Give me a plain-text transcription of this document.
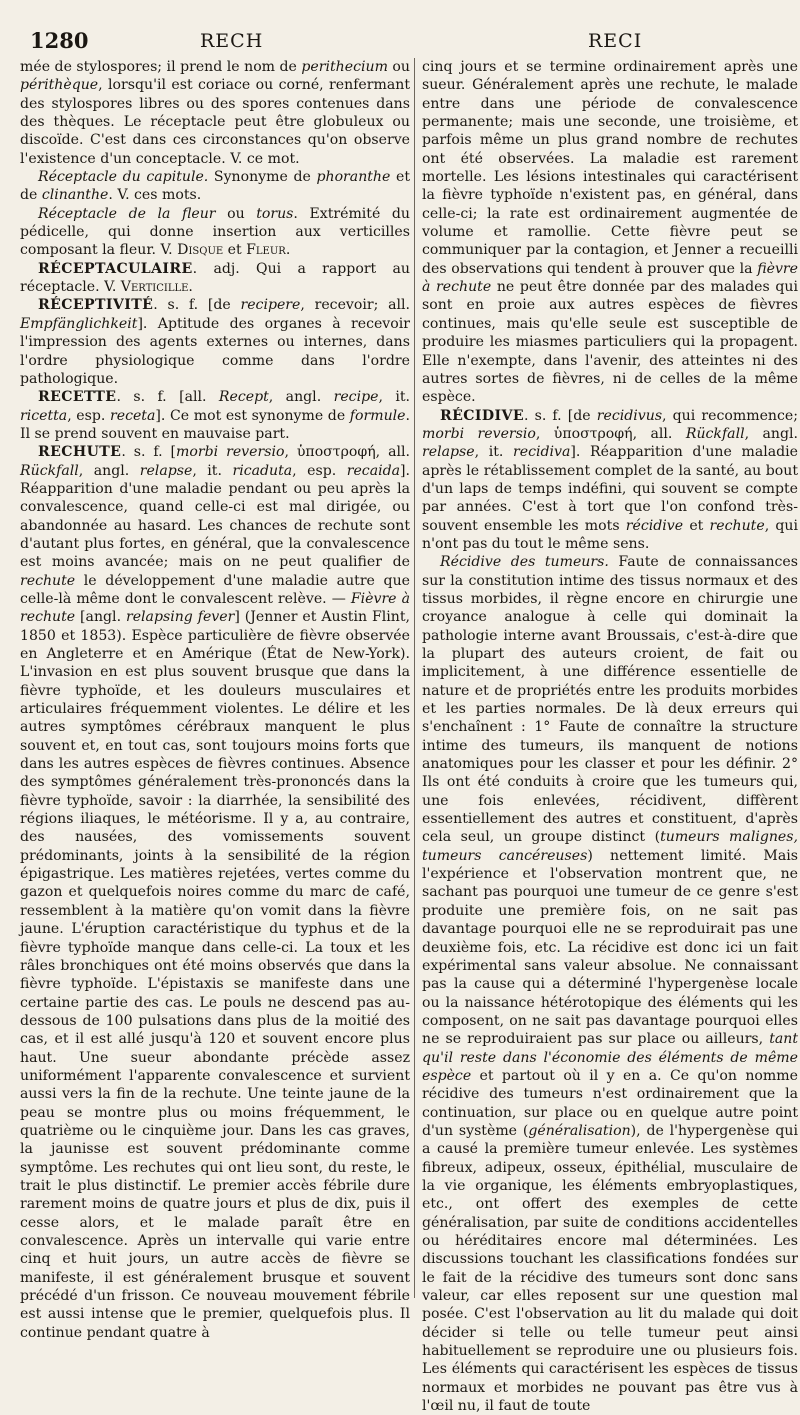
1280	RECH	RECI

mée de stylospores; il prend le nom de perithecium ou périthèque, lorsqu'il est coriace ou corné, renfermant des stylospores libres ou des spores contenues dans des thèques. Le réceptacle peut être globuleux ou discoïde. C'est dans ces circonstances qu'on observe l'existence d'un conceptacle. V. ce mot.

Réceptacle du capitule. Synonyme de phoranthe et de clinanthe. V. ces mots.

Réceptacle de la fleur ou torus. Extrémité du pédicelle, qui donne insertion aux verticilles composant la fleur. V. Disque et Fleur.

RÉCEPTACULAIRE. adj. Qui a rapport au réceptacle. V. Verticille.

RÉCEPTIVITÉ. s. f. [de recipere, recevoir; all. Empfänglichkeit]. Aptitude des organes à recevoir l'impression des agents externes ou internes, dans l'ordre physiologique comme dans l'ordre pathologique.

RECETTE. s. f. [all. Recept, angl. recipe, it. ricetta, esp. receta]. Ce mot est synonyme de formule. Il se prend souvent en mauvaise part.

RECHUTE. s. f. [morbi reversio, ὑποστροφή, all. Rückfall, angl. relapse, it. ricaduta, esp. recaida]. Réapparition d'une maladie pendant ou peu après la convalescence, quand celle-ci est mal dirigée, ou abandonnée au hasard. Les chances de rechute sont d'autant plus fortes, en général, que la convalescence est moins avancée; mais on ne peut qualifier de rechute le développement d'une maladie autre que celle-là même dont le convalescent relève. — Fièvre à rechute [angl. relapsing fever] (Jenner et Austin Flint, 1850 et 1853). Espèce particulière de fièvre observée en Angleterre et en Amérique (État de New-York). L'invasion en est plus souvent brusque que dans la fièvre typhoïde, et les douleurs musculaires et articulaires fréquemment violentes. Le délire et les autres symptômes cérébraux manquent le plus souvent et, en tout cas, sont toujours moins forts que dans les autres espèces de fièvres continues. Absence des symptômes généralement très-prononcés dans la fièvre typhoïde, savoir : la diarrhée, la sensibilité des régions iliaques, le météorisme. Il y a, au contraire, des nausées, des vomissements souvent prédominants, joints à la sensibilité de la région épigastrique. Les matières rejetées, vertes comme du gazon et quelquefois noires comme du marc de café, ressemblent à la matière qu'on vomit dans la fièvre jaune. L'éruption caractéristique du typhus et de la fièvre typhoïde manque dans celle-ci. La toux et les râles bronchiques ont été moins observés que dans la fièvre typhoïde. L'épistaxis se manifeste dans une certaine partie des cas. Le pouls ne descend pas au-dessous de 100 pulsations dans plus de la moitié des cas, et il est allé jusqu'à 120 et souvent encore plus haut. Une sueur abondante précède assez uniformément l'apparente convalescence et survient aussi vers la fin de la rechute. Une teinte jaune de la peau se montre plus ou moins fréquemment, le quatrième ou le cinquième jour. Dans les cas graves, la jaunisse est souvent prédominante comme symptôme. Les rechutes qui ont lieu sont, du reste, le trait le plus distinctif. Le premier accès fébrile dure rarement moins de quatre jours et plus de dix, puis il cesse alors, et le malade paraît être en convalescence. Après un intervalle qui varie entre cinq et huit jours, un autre accès de fièvre se manifeste, il est généralement brusque et souvent précédé d'un frisson. Ce nouveau mouvement fébrile est aussi intense que le premier, quelquefois plus. Il continue pendant quatre à

cinq jours et se termine ordinairement après une sueur. Généralement après une rechute, le malade entre dans une période de convalescence permanente; mais une seconde, une troisième, et parfois même un plus grand nombre de rechutes ont été observées. La maladie est rarement mortelle. Les lésions intestinales qui caractérisent la fièvre typhoïde n'existent pas, en général, dans celle-ci; la rate est ordinairement augmentée de volume et ramollie. Cette fièvre peut se communiquer par la contagion, et Jenner a recueilli des observations qui tendent à prouver que la fièvre à rechute ne peut être donnée par des malades qui sont en proie aux autres espèces de fièvres continues, mais qu'elle seule est susceptible de produire les miasmes particuliers qui la propagent. Elle n'exempte, dans l'avenir, des atteintes ni des autres sortes de fièvres, ni de celles de la même espèce.

RÉCIDIVE. s. f. [de recidivus, qui recommence; morbi reversio, ὑποστροφή, all. Rückfall, angl. relapse, it. recidiva]. Réapparition d'une maladie après le rétablissement complet de la santé, au bout d'un laps de temps indéfini, qui souvent se compte par années. C'est à tort que l'on confond très-souvent ensemble les mots récidive et rechute, qui n'ont pas du tout le même sens.

Récidive des tumeurs. Faute de connaissances sur la constitution intime des tissus normaux et des tissus morbides, il règne encore en chirurgie une croyance analogue à celle qui dominait la pathologie interne avant Broussais, c'est-à-dire que la plupart des auteurs croient, de fait ou implicitement, à une différence essentielle de nature et de propriétés entre les produits morbides et les parties normales. De là deux erreurs qui s'enchaînent : 1° Faute de connaître la structure intime des tumeurs, ils manquent de notions anatomiques pour les classer et pour les définir. 2° Ils ont été conduits à croire que les tumeurs qui, une fois enlevées, récidivent, diffèrent essentiellement des autres et constituent, d'après cela seul, un groupe distinct (tumeurs malignes, tumeurs cancéreuses) nettement limité. Mais l'expérience et l'observation montrent que, ne sachant pas pourquoi une tumeur de ce genre s'est produite une première fois, on ne sait pas davantage pourquoi elle ne se reproduirait pas une deuxième fois, etc. La récidive est donc ici un fait expérimental sans valeur absolue. Ne connaissant pas la cause qui a déterminé l'hypergenèse locale ou la naissance hétérotopique des éléments qui les composent, on ne sait pas davantage pourquoi elles ne se reproduiraient pas sur place ou ailleurs, tant qu'il reste dans l'économie des éléments de même espèce et partout où il y en a. Ce qu'on nomme récidive des tumeurs n'est ordinairement que la continuation, sur place ou en quelque autre point d'un système (généralisation), de l'hypergenèse qui a causé la première tumeur enlevée. Les systèmes fibreux, adipeux, osseux, épithélial, musculaire de la vie organique, les éléments embryoplastiques, etc., ont offert des exemples de cette généralisation, par suite de conditions accidentelles ou héréditaires encore mal déterminées. Les discussions touchant les classifications fondées sur le fait de la récidive des tumeurs sont donc sans valeur, car elles reposent sur une question mal posée. C'est l'observation au lit du malade qui doit décider si telle ou telle tumeur peut ainsi habituellement se reproduire une ou plusieurs fois. Les éléments qui caractérisent les espèces de tissus normaux et morbides ne pouvant pas être vus à l'œil nu, il faut de toute
